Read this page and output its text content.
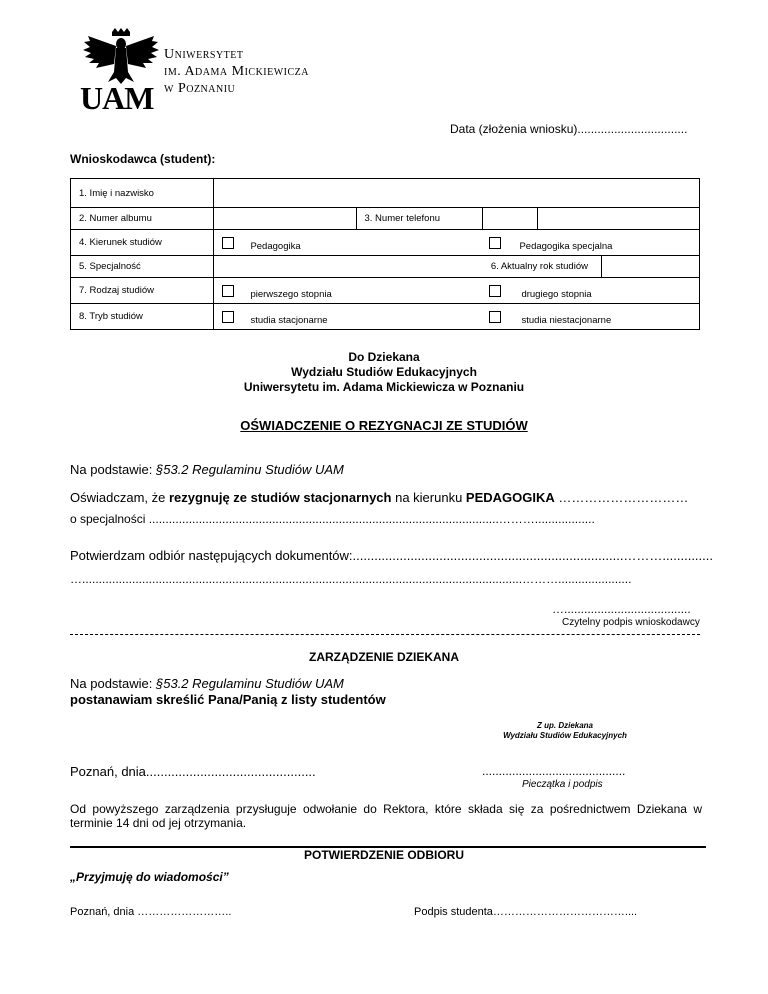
UAM
Uniwersytet
im. Adama Mickiewicza
w Poznaniu
Data (złożenia wniosku).................................
Wnioskodawca (student):
1. Imię i nazwisko			
2. Numer albumu		3. Numer telefonu	

4. Kierunek studiów	Pedagogika		Pedagogika specjalna
5. Specjalność			6. Aktualny rok studiów

7. Rodzaj studiów	pierwszego stopnia		drugiego stopnia
8. Tryb studiów	studia stacjonarne		studia niestacjonarne
Do Dziekana
Wydziału Studiów Edukacyjnych
Uniwersytetu im. Adama Mickiewicza w Poznaniu
OŚWIADCZENIE O REZYGNACJI ZE STUDIÓW
Na podstawie: §53.2 Regulaminu Studiów UAM
Oświadczam, że rezygnuję ze studiów stacjonarnych na kierunku PEDAGOGIKA …………………………
o specjalności .........................................................................................................………..................
Potwierdzam odbiór następujących dokumentów:...........................................................................………..............
…....................................................................................................................................………......................
…......................................
Czytelny podpis wnioskodawcy
ZARZĄDZENIE DZIEKANA
Na podstawie: §53.2 Regulaminu Studiów UAM
postanawiam skreślić Pana/Panią z listy studentów
Z up. Dziekana
Wydziału Studiów Edukacyjnych
Poznań, dnia...............................................	...........................................
Pieczątka i podpis
Od powyższego zarządzenia przysługuje odwołanie do Rektora, które składa się za pośrednictwem Dziekana w terminie 14 dni od jej otrzymania.
POTWIERDZENIE ODBIORU
„Przyjmuję do wiadomości”
Poznań, dnia ……………………..	Podpis studenta………………………………....
